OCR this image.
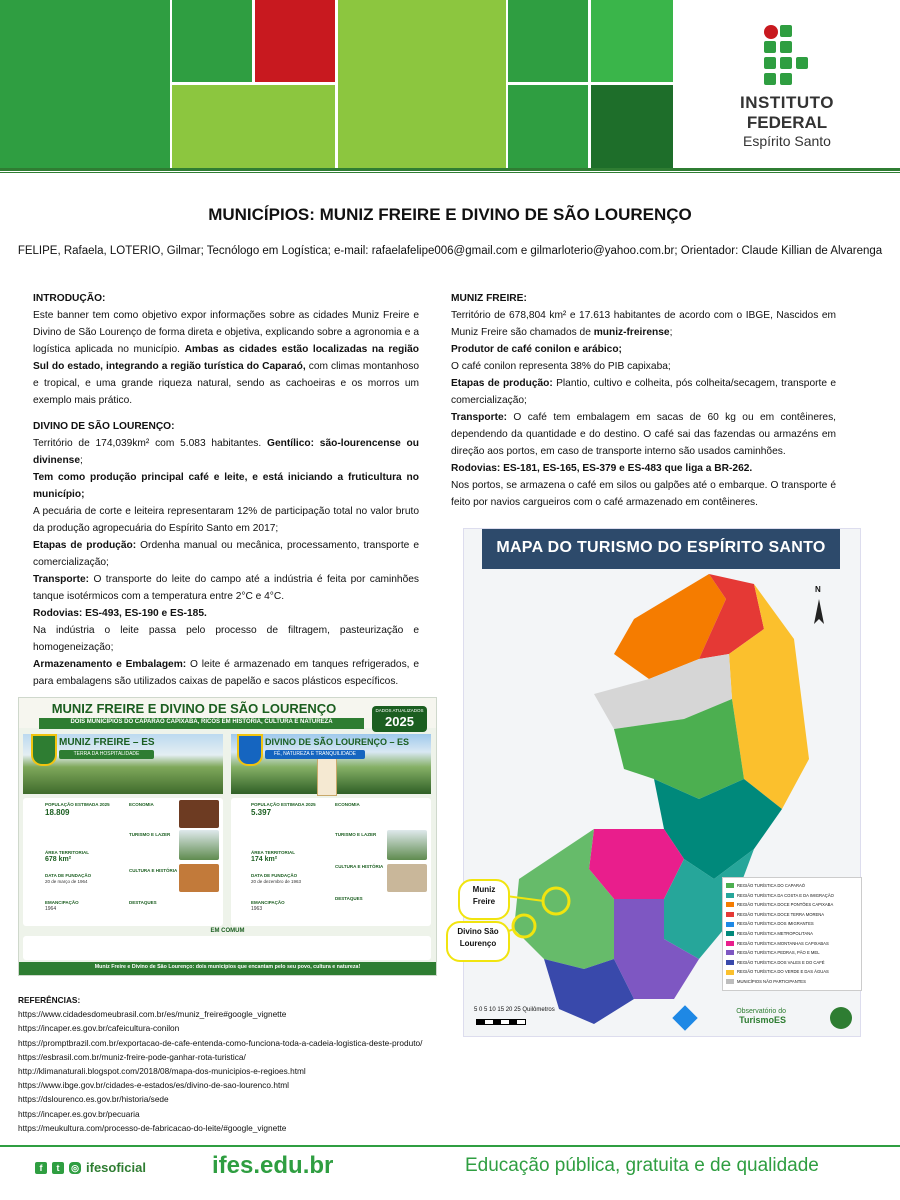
INSTITUTO
FEDERAL
Espírito Santo
MUNICÍPIOS: MUNIZ FREIRE E DIVINO DE SÃO LOURENÇO
FELIPE, Rafaela, LOTERIO, Gilmar; Tecnólogo em Logística; e-mail: rafaelafelipe006@gmail.com e gilmarloterio@yahoo.com.br; Orientador: Claude Killian de Alvarenga

INTRODUÇÃO:

Este banner tem como objetivo expor informações sobre as cidades Muniz Freire e Divino de São Lourenço de forma direta e objetiva, explicando sobre a agronomia e a logística aplicada no município. Ambas as cidades estão localizadas na região Sul do estado, integrando a região turística do Caparaó, com climas montanhoso e tropical, e uma grande riqueza natural, sendo as cachoeiras e os morros um exemplo mais prático.

DIVINO DE SÃO LOURENÇO:

Território de 174,039km² com 5.083 habitantes. Gentílico: são-lourencense ou divinense;

Tem como produção principal café e leite, e está iniciando a fruticultura no município;

A pecuária de corte e leiteira representaram 12% de participação total no valor bruto da produção agropecuária do Espírito Santo em 2017;

Etapas de produção: Ordenha manual ou mecânica, processamento, transporte e comercialização;

Transporte: O transporte do leite do campo até a indústria é feita por caminhões tanque isotérmicos com a temperatura entre 2°C e 4°C.

Rodovias: ES-493, ES-190 e ES-185.

Na indústria o leite passa pelo processo de filtragem, pasteurização e homogeneização;

Armazenamento e Embalagem: O leite é armazenado em tanques refrigerados, e para embalagens são utilizados caixas de papelão e sacos plásticos específicos.

MUNIZ FREIRE:

Território de 678,804 km² e 17.613 habitantes de acordo com o IBGE, Nascidos em Muniz Freire são chamados de muniz-freirense;

Produtor de café conilon e arábico;

O café conilon representa 38% do PIB capixaba;

Etapas de produção: Plantio, cultivo e colheita, pós colheita/secagem, transporte e comercialização;

Transporte: O café tem embalagem em sacas de 60 kg ou em contêineres, dependendo da quantidade e do destino. O café sai das fazendas ou armazéns em direção aos portos, em caso de transporte interno são usados caminhões.

Rodovias: ES-181, ES-165, ES-379 e ES-483 que liga a BR-262.

Nos portos, se armazena o café em silos ou galpões até o embarque. O transporte é feito por navios cargueiros com o café armazenado em contêineres.

MUNIZ FREIRE E DIVINO DE SÃO LOURENÇO
DOIS MUNICÍPIOS DO CAPARAÓ CAPIXABA, RICOS EM HISTÓRIA, CULTURA E NATUREZA
DADOS ATUALIZADOS
2025
MUNIZ FREIRE – ES
TERRA DA HOSPITALIDADE
DIVINO DE SÃO LOURENÇO – ES
FÉ, NATUREZA E TRANQUILIDADE
POPULAÇÃO ESTIMADA 2025
18.809
ÁREA TERRITORIAL
678 km²
DATA DE FUNDAÇÃO
20 de março de 1964
EMANCIPAÇÃO
1964
ECONOMIA
TURISMO E LAZER
CULTURA E HISTÓRIA
DESTAQUES
POPULAÇÃO ESTIMADA 2025
5.397
ÁREA TERRITORIAL
174 km²
DATA DE FUNDAÇÃO
20 de dezembro de 1963
EMANCIPAÇÃO
1963
ECONOMIA
TURISMO E LAZER
CULTURA E HISTÓRIA
DESTAQUES
EM COMUM
Muniz Freire e Divino de São Lourenço: dois municípios que encantam pelo seu povo, cultura e natureza!
MAPA DO TURISMO DO ESPÍRITO SANTO
N
Muniz
Freire
Divino São
Lourenço
REGIÃO TURÍSTICA DO CAPARAÓ
REGIÃO TURÍSTICA DA COSTA E DA IMIGRAÇÃO
REGIÃO TURÍSTICA DOCE PONTÕES CAPIXABA
REGIÃO TURÍSTICA DOCE TERRA MORENA
REGIÃO TURÍSTICA DOS IMIGRANTES
REGIÃO TURÍSTICA METROPOLITANA
REGIÃO TURÍSTICA MONTANHAS CAPIXABAS
REGIÃO TURÍSTICA PEDRAS, PÃO E MEL
REGIÃO TURÍSTICA DOS VALES E DO CAFÉ
REGIÃO TURÍSTICA DO VERDE E DAS ÁGUAS
MUNICÍPIOS NÃO PARTICIPANTES
5 0 5 10 15 20 25 Quilômetros	Observatório do
TurismoES

REFERÊNCIAS:

https://www.cidadesdomeubrasil.com.br/es/muniz_freire#google_vignette

https://incaper.es.gov.br/cafeicultura-conilon

https://promptbrazil.com.br/exportacao-de-cafe-entenda-como-funciona-toda-a-cadeia-logistica-deste-produto/

https://esbrasil.com.br/muniz-freire-pode-ganhar-rota-turistica/

http://klimanaturali.blogspot.com/2018/08/mapa-dos-municipios-e-regioes.html

https://www.ibge.gov.br/cidades-e-estados/es/divino-de-sao-lourenco.html

https://dslourenco.es.gov.br/historia/sede

https://incaper.es.gov.br/pecuaria

https://meukultura.com/processo-de-fabricacao-do-leite/#google_vignette

f	t	◎ ifesoficial	ifes.edu.br	Educação pública, gratuita e de qualidade
